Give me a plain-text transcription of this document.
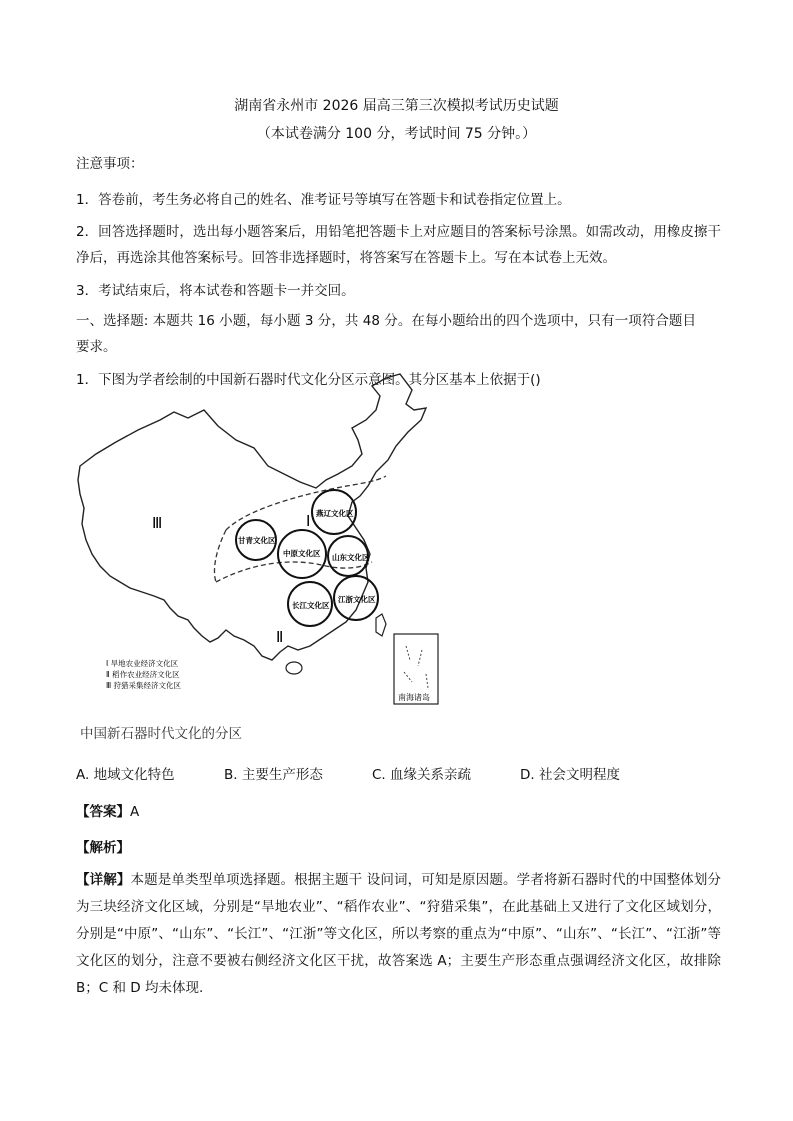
湖南省永州市 2026 届高三第三次模拟考试历史试题
（本试卷满分 100 分，考试时间 75 分钟。）
注意事项：
1．答卷前，考生务必将自己的姓名、准考证号等填写在答题卡和试卷指定位置上。
2．回答选择题时，选出每小题答案后，用铅笔把答题卡上对应题目的答案标号涂黑。如需改动，用橡皮擦干净后，再选涂其他答案标号。回答非选择题时，将答案写在答题卡上。写在本试卷上无效。
3．考试结束后，将本试卷和答题卡一并交回。
一、选择题: 本题共 16 小题，每小题 3 分，共 48 分。在每小题给出的四个选项中，只有一项符合题目要求。
1．下图为学者绘制的中国新石器时代文化分区示意图。其分区基本上依据于()
南海诸岛
甘青文化区
中原文化区
燕辽文化区
山东文化区
长江文化区
江浙文化区
Ⅰ
Ⅱ
Ⅲ
Ⅰ 旱地农业经济文化区
Ⅱ 稻作农业经济文化区
Ⅲ 狩猎采集经济文化区
中国新石器时代文化的分区
A. 地域文化特色	B. 主要生产形态	C. 血缘关系亲疏	D. 社会文明程度
【答案】A
【解析】
【详解】本题是单类型单项选择题。根据主题干 设问词，可知是原因题。学者将新石器时代的中国整体划分为三块经济文化区域，分别是“旱地农业”、“稻作农业”、“狩猎采集”，在此基础上又进行了文化区域划分，分别是“中原”、“山东”、“长江”、“江浙”等文化区，所以考察的重点为“中原”、“山东”、“长江”、“江浙”等文化区的划分，注意不要被右侧经济文化区干扰，故答案选 A；主要生产形态重点强调经济文化区，故排除 B；C 和 D 均未体现.
